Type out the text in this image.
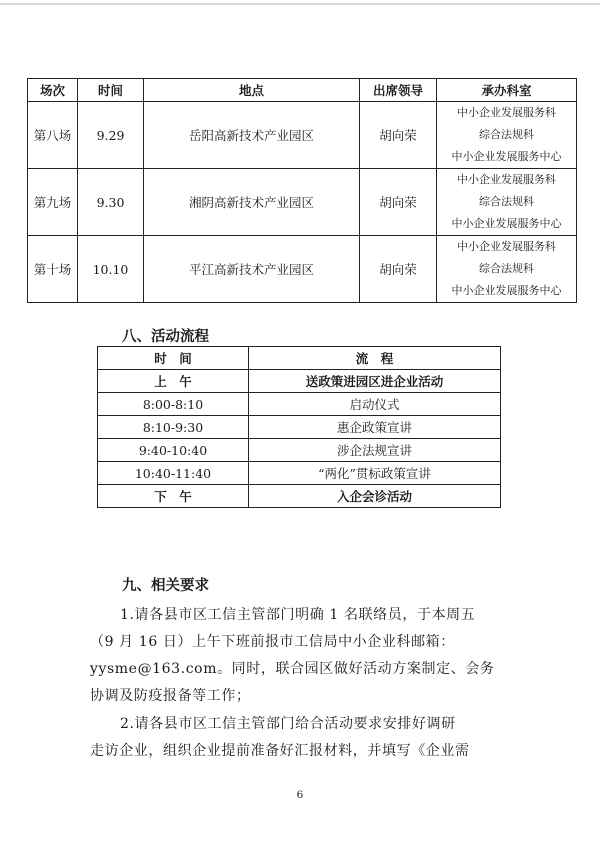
场次	时间	地点	出席领导	承办科室
第八场	9.29	岳阳高新技术产业园区	胡向荣	中小企业发展服务科
综合法规科
中小企业发展服务中心

第九场	9.30	湘阴高新技术产业园区	胡向荣	中小企业发展服务科
综合法规科
中小企业发展服务中心

第十场	10.10	平江高新技术产业园区	胡向荣	中小企业发展服务科
综合法规科
中小企业发展服务中心
八、活动流程
时　间	流　程
上　午	送政策进园区进企业活动
8:00-8:10	启动仪式
8:10-9:30	惠企政策宣讲
9:40-10:40	涉企法规宣讲
10:40-11:40	“两化”贯标政策宣讲
下　午	入企会诊活动
九、相关要求

1.请各县市区工信主管部门明确 1 名联络员，于本周五

（9 月 16 日）上午下班前报市工信局中小企业科邮箱：

yysme@163.com。同时，联合园区做好活动方案制定、会务

协调及防疫报备等工作；

2.请各县市区工信主管部门给合活动要求安排好调研

走访企业，组织企业提前准备好汇报材料，并填写《企业需

6
